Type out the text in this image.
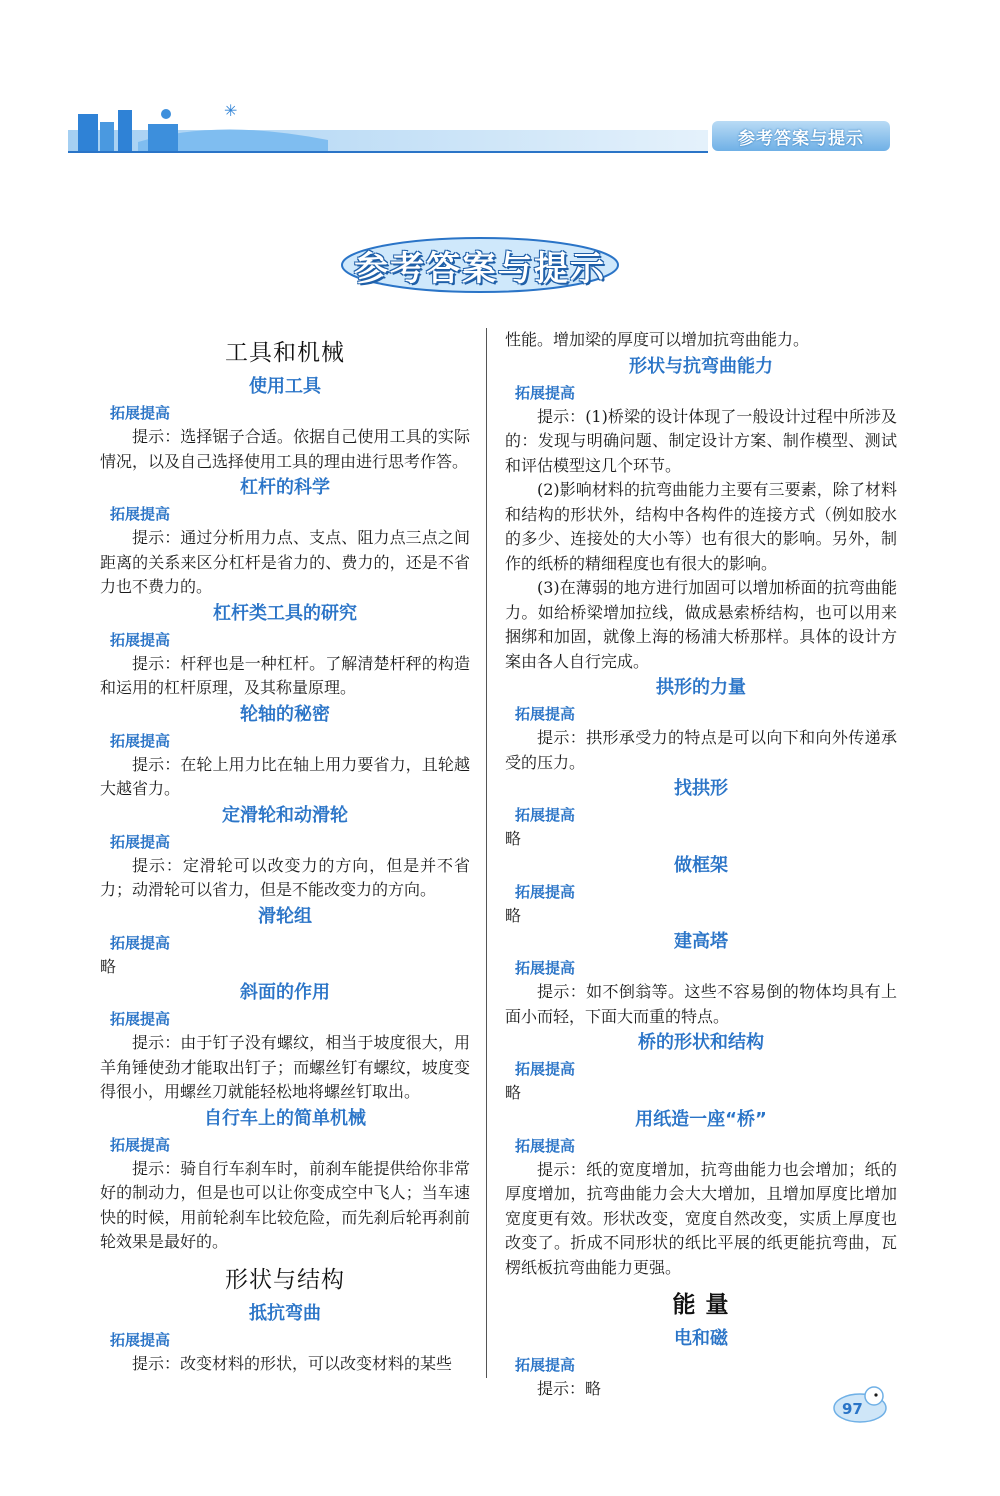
✳
参考答案与提示
参考答案与提示
工具和机械
使用工具
拓展提高

提示：选择锯子合适。依据自己使用工具的实际情况，以及自己选择使用工具的理由进行思考作答。

杠杆的科学
拓展提高

提示：通过分析用力点、支点、阻力点三点之间距离的关系来区分杠杆是省力的、费力的，还是不省力也不费力的。

杠杆类工具的研究
拓展提高

提示：杆秤也是一种杠杆。了解清楚杆秤的构造和运用的杠杆原理，及其称量原理。

轮轴的秘密
拓展提高

提示：在轮上用力比在轴上用力要省力，且轮越大越省力。

定滑轮和动滑轮
拓展提高

提示：定滑轮可以改变力的方向，但是并不省力；动滑轮可以省力，但是不能改变力的方向。

滑轮组
拓展提高

略

斜面的作用
拓展提高

提示：由于钉子没有螺纹，相当于坡度很大，用羊角锤使劲才能取出钉子；而螺丝钉有螺纹，坡度变得很小，用螺丝刀就能轻松地将螺丝钉取出。

自行车上的简单机械
拓展提高

提示：骑自行车刹车时，前刹车能提供给你非常好的制动力，但是也可以让你变成空中飞人；当车速快的时候，用前轮刹车比较危险，而先刹后轮再刹前轮效果是最好的。

形状与结构
抵抗弯曲
拓展提高

提示：改变材料的形状，可以改变材料的某些

性能。增加梁的厚度可以增加抗弯曲能力。

形状与抗弯曲能力
拓展提高

提示：(1)桥梁的设计体现了一般设计过程中所涉及的：发现与明确问题、制定设计方案、制作模型、测试和评估模型这几个环节。

(2)影响材料的抗弯曲能力主要有三要素，除了材料和结构的形状外，结构中各构件的连接方式（例如胶水的多少、连接处的大小等）也有很大的影响。另外，制作的纸桥的精细程度也有很大的影响。

(3)在薄弱的地方进行加固可以增加桥面的抗弯曲能力。如给桥梁增加拉线，做成悬索桥结构，也可以用来捆绑和加固，就像上海的杨浦大桥那样。具体的设计方案由各人自行完成。

拱形的力量
拓展提高

提示：拱形承受力的特点是可以向下和向外传递承受的压力。

找拱形
拓展提高

略

做框架
拓展提高

略

建高塔
拓展提高

提示：如不倒翁等。这些不容易倒的物体均具有上面小而轻，下面大而重的特点。

桥的形状和结构
拓展提高

略

用纸造一座“桥”
拓展提高

提示：纸的宽度增加，抗弯曲能力也会增加；纸的厚度增加，抗弯曲能力会大大增加，且增加厚度比增加宽度更有效。形状改变，宽度自然改变，实质上厚度也改变了。折成不同形状的纸比平展的纸更能抗弯曲，瓦楞纸板抗弯曲能力更强。

能 量
电和磁
拓展提高

提示：略

97
